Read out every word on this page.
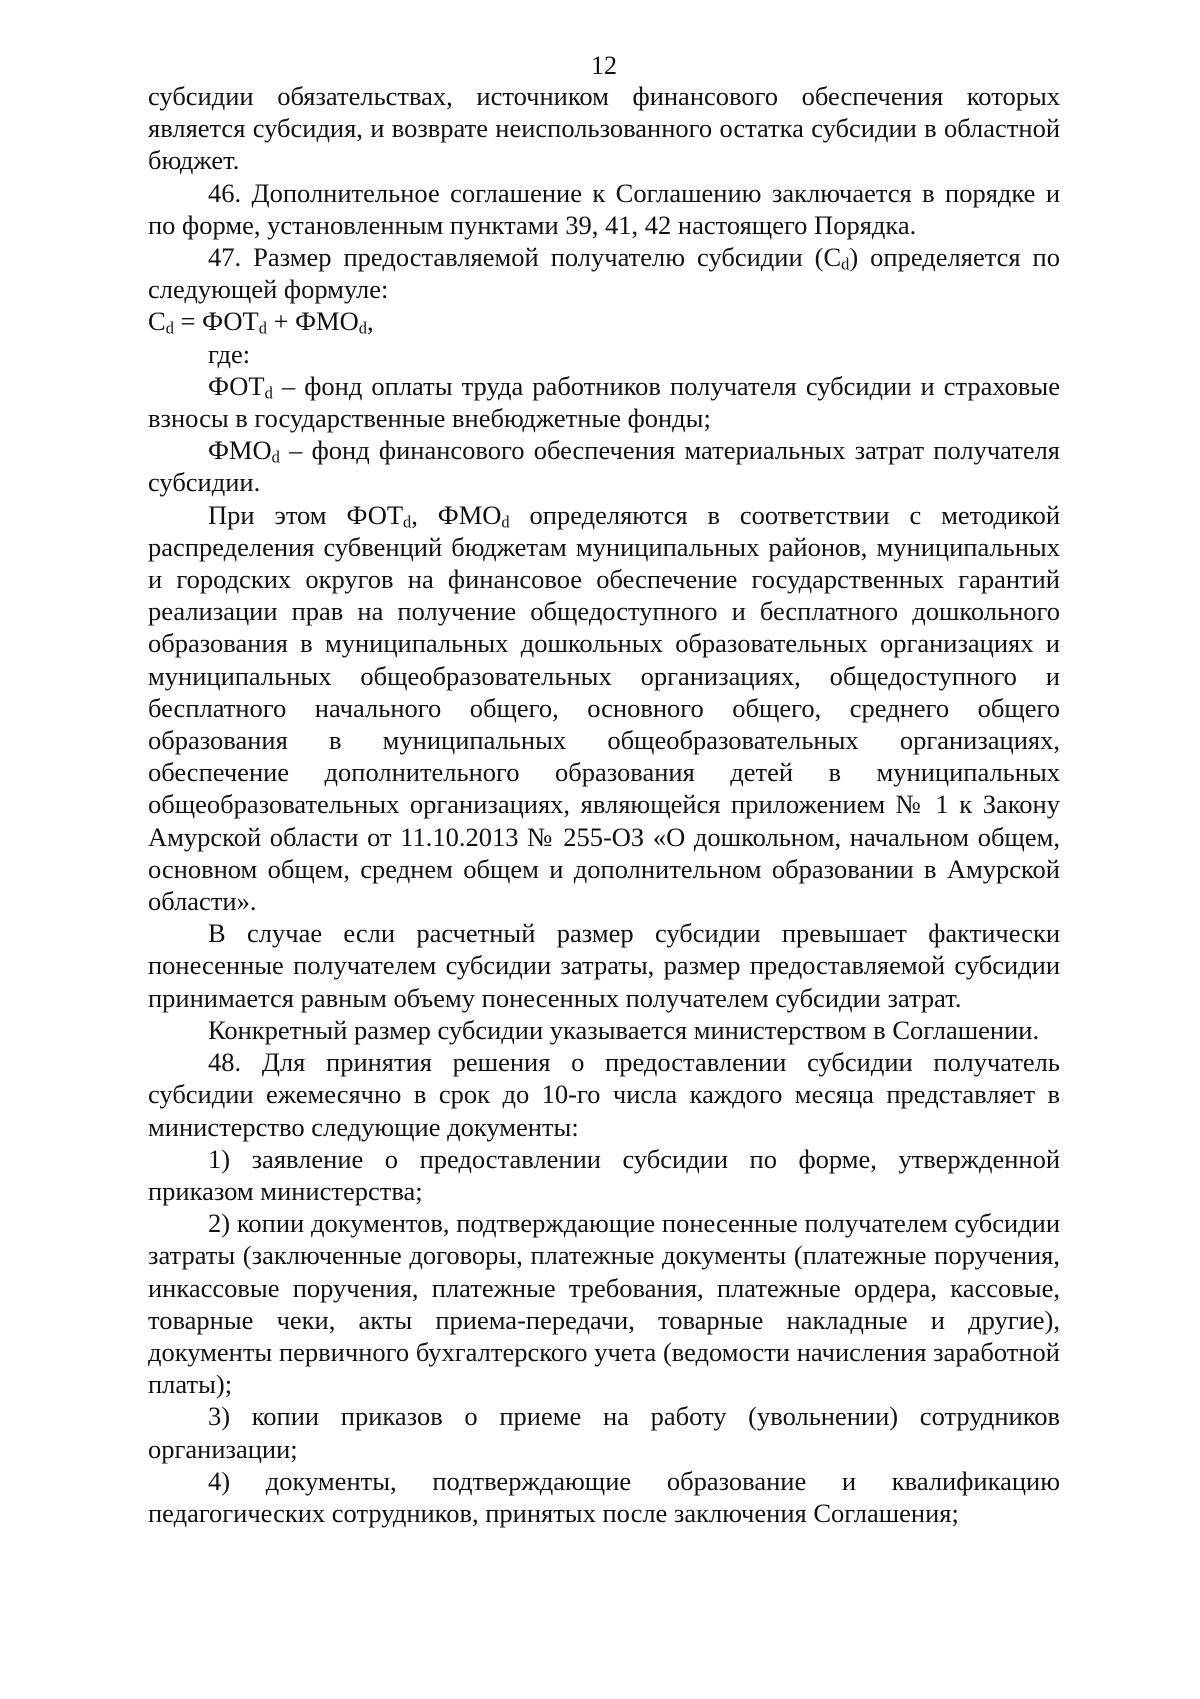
12

субсидии обязательствах, источником финансового обеспечения которых является субсидия, и возврате неиспользованного остатка субсидии в областной бюджет.

46. Дополнительное соглашение к Соглашению заключается в порядке и по форме, установленным пунктами 39, 41, 42 настоящего Порядка.

47. Размер предоставляемой получателю субсидии $(C_d)$ определяется по следующей формуле:

$C_d = ФОТ_d + ФМО_d$,

где:

$ФОТ_d$ – фонд оплаты труда работников получателя субсидии и страховые взносы в государственные внебюджетные фонды;

$ФМО_d$ – фонд финансового обеспечения материальных затрат получателя субсидии.

При этом $ФОТ_d$, $ФМО_d$ определяются в соответствии с методикой распределения субвенций бюджетам муниципальных районов, муниципальных и городских округов на финансовое обеспечение государственных гарантий реализации прав на получение общедоступного и бесплатного дошкольного образования в муниципальных дошкольных образовательных организациях и муниципальных общеобразовательных организациях, общедоступного и бесплатного начального общего, основного общего, среднего общего образования в муниципальных общеобразовательных организациях, обеспечение дополнительного образования детей в муниципальных общеобразовательных организациях, являющейся приложением № 1 к Закону Амурской области от 11.10.2013 № 255-ОЗ «О дошкольном, начальном общем, основном общем, среднем общем и дополнительном образовании в Амурской области».

В случае если расчетный размер субсидии превышает фактически понесенные получателем субсидии затраты, размер предоставляемой субсидии принимается равным объему понесенных получателем субсидии затрат.

Конкретный размер субсидии указывается министерством в Соглашении.

48. Для принятия решения о предоставлении субсидии получатель субсидии ежемесячно в срок до 10-го числа каждого месяца представляет в министерство следующие документы:

1) заявление о предоставлении субсидии по форме, утвержденной приказом министерства;

2) копии документов, подтверждающие понесенные получателем субсидии затраты (заключенные договоры, платежные документы (платежные поручения, инкассовые поручения, платежные требования, платежные ордера, кассовые, товарные чеки, акты приема-передачи, товарные накладные и другие), документы первичного бухгалтерского учета (ведомости начисления заработной платы);

3) копии приказов о приеме на работу (увольнении) сотрудников организации;

4) документы, подтверждающие образование и квалификацию педагогических сотрудников, принятых после заключения Соглашения;
